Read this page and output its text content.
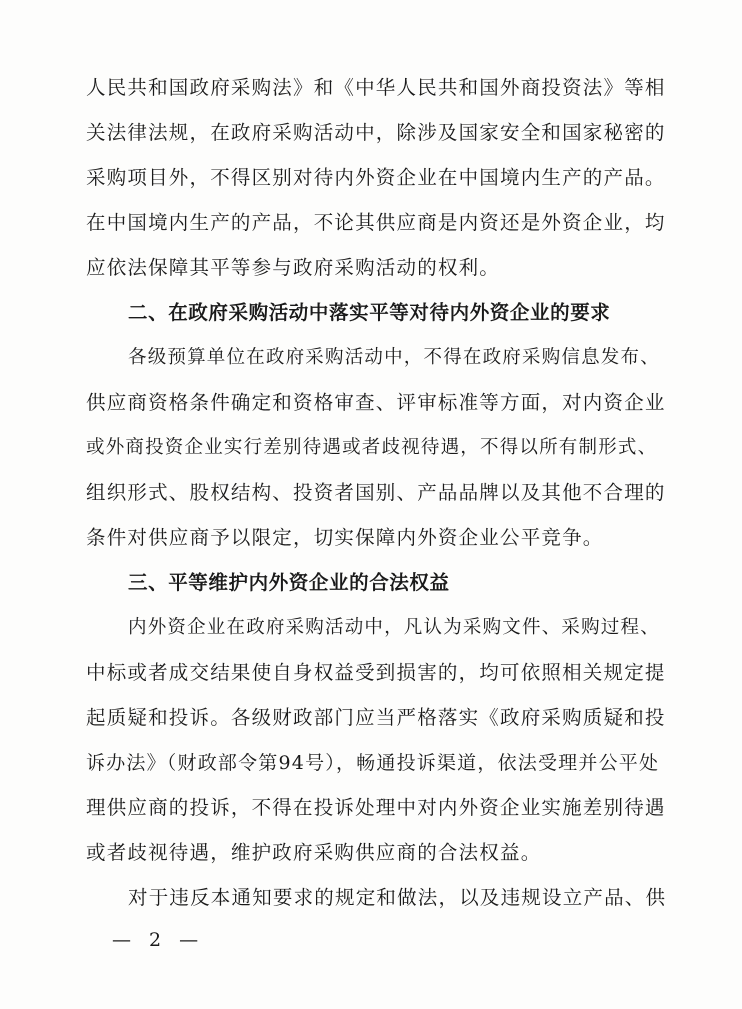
人民共和国政府采购法》和《中华人民共和国外商投资法》等相
关法律法规，在政府采购活动中，除涉及国家安全和国家秘密的
采购项目外，不得区别对待内外资企业在中国境内生产的产品。
在中国境内生产的产品，不论其供应商是内资还是外资企业，均
应依法保障其平等参与政府采购活动的权利。
二、在政府采购活动中落实平等对待内外资企业的要求
各级预算单位在政府采购活动中，不得在政府采购信息发布、
供应商资格条件确定和资格审查、评审标准等方面，对内资企业
或外商投资企业实行差别待遇或者歧视待遇，不得以所有制形式、
组织形式、股权结构、投资者国别、产品品牌以及其他不合理的
条件对供应商予以限定，切实保障内外资企业公平竞争。
三、平等维护内外资企业的合法权益
内外资企业在政府采购活动中，凡认为采购文件、采购过程、
中标或者成交结果使自身权益受到损害的，均可依照相关规定提
起质疑和投诉。各级财政部门应当严格落实《政府采购质疑和投
诉办法》（财政部令第94号），畅通投诉渠道，依法受理并公平处
理供应商的投诉，不得在投诉处理中对内外资企业实施差别待遇
或者歧视待遇，维护政府采购供应商的合法权益。
对于违反本通知要求的规定和做法，以及违规设立产品、供
— 2 —
